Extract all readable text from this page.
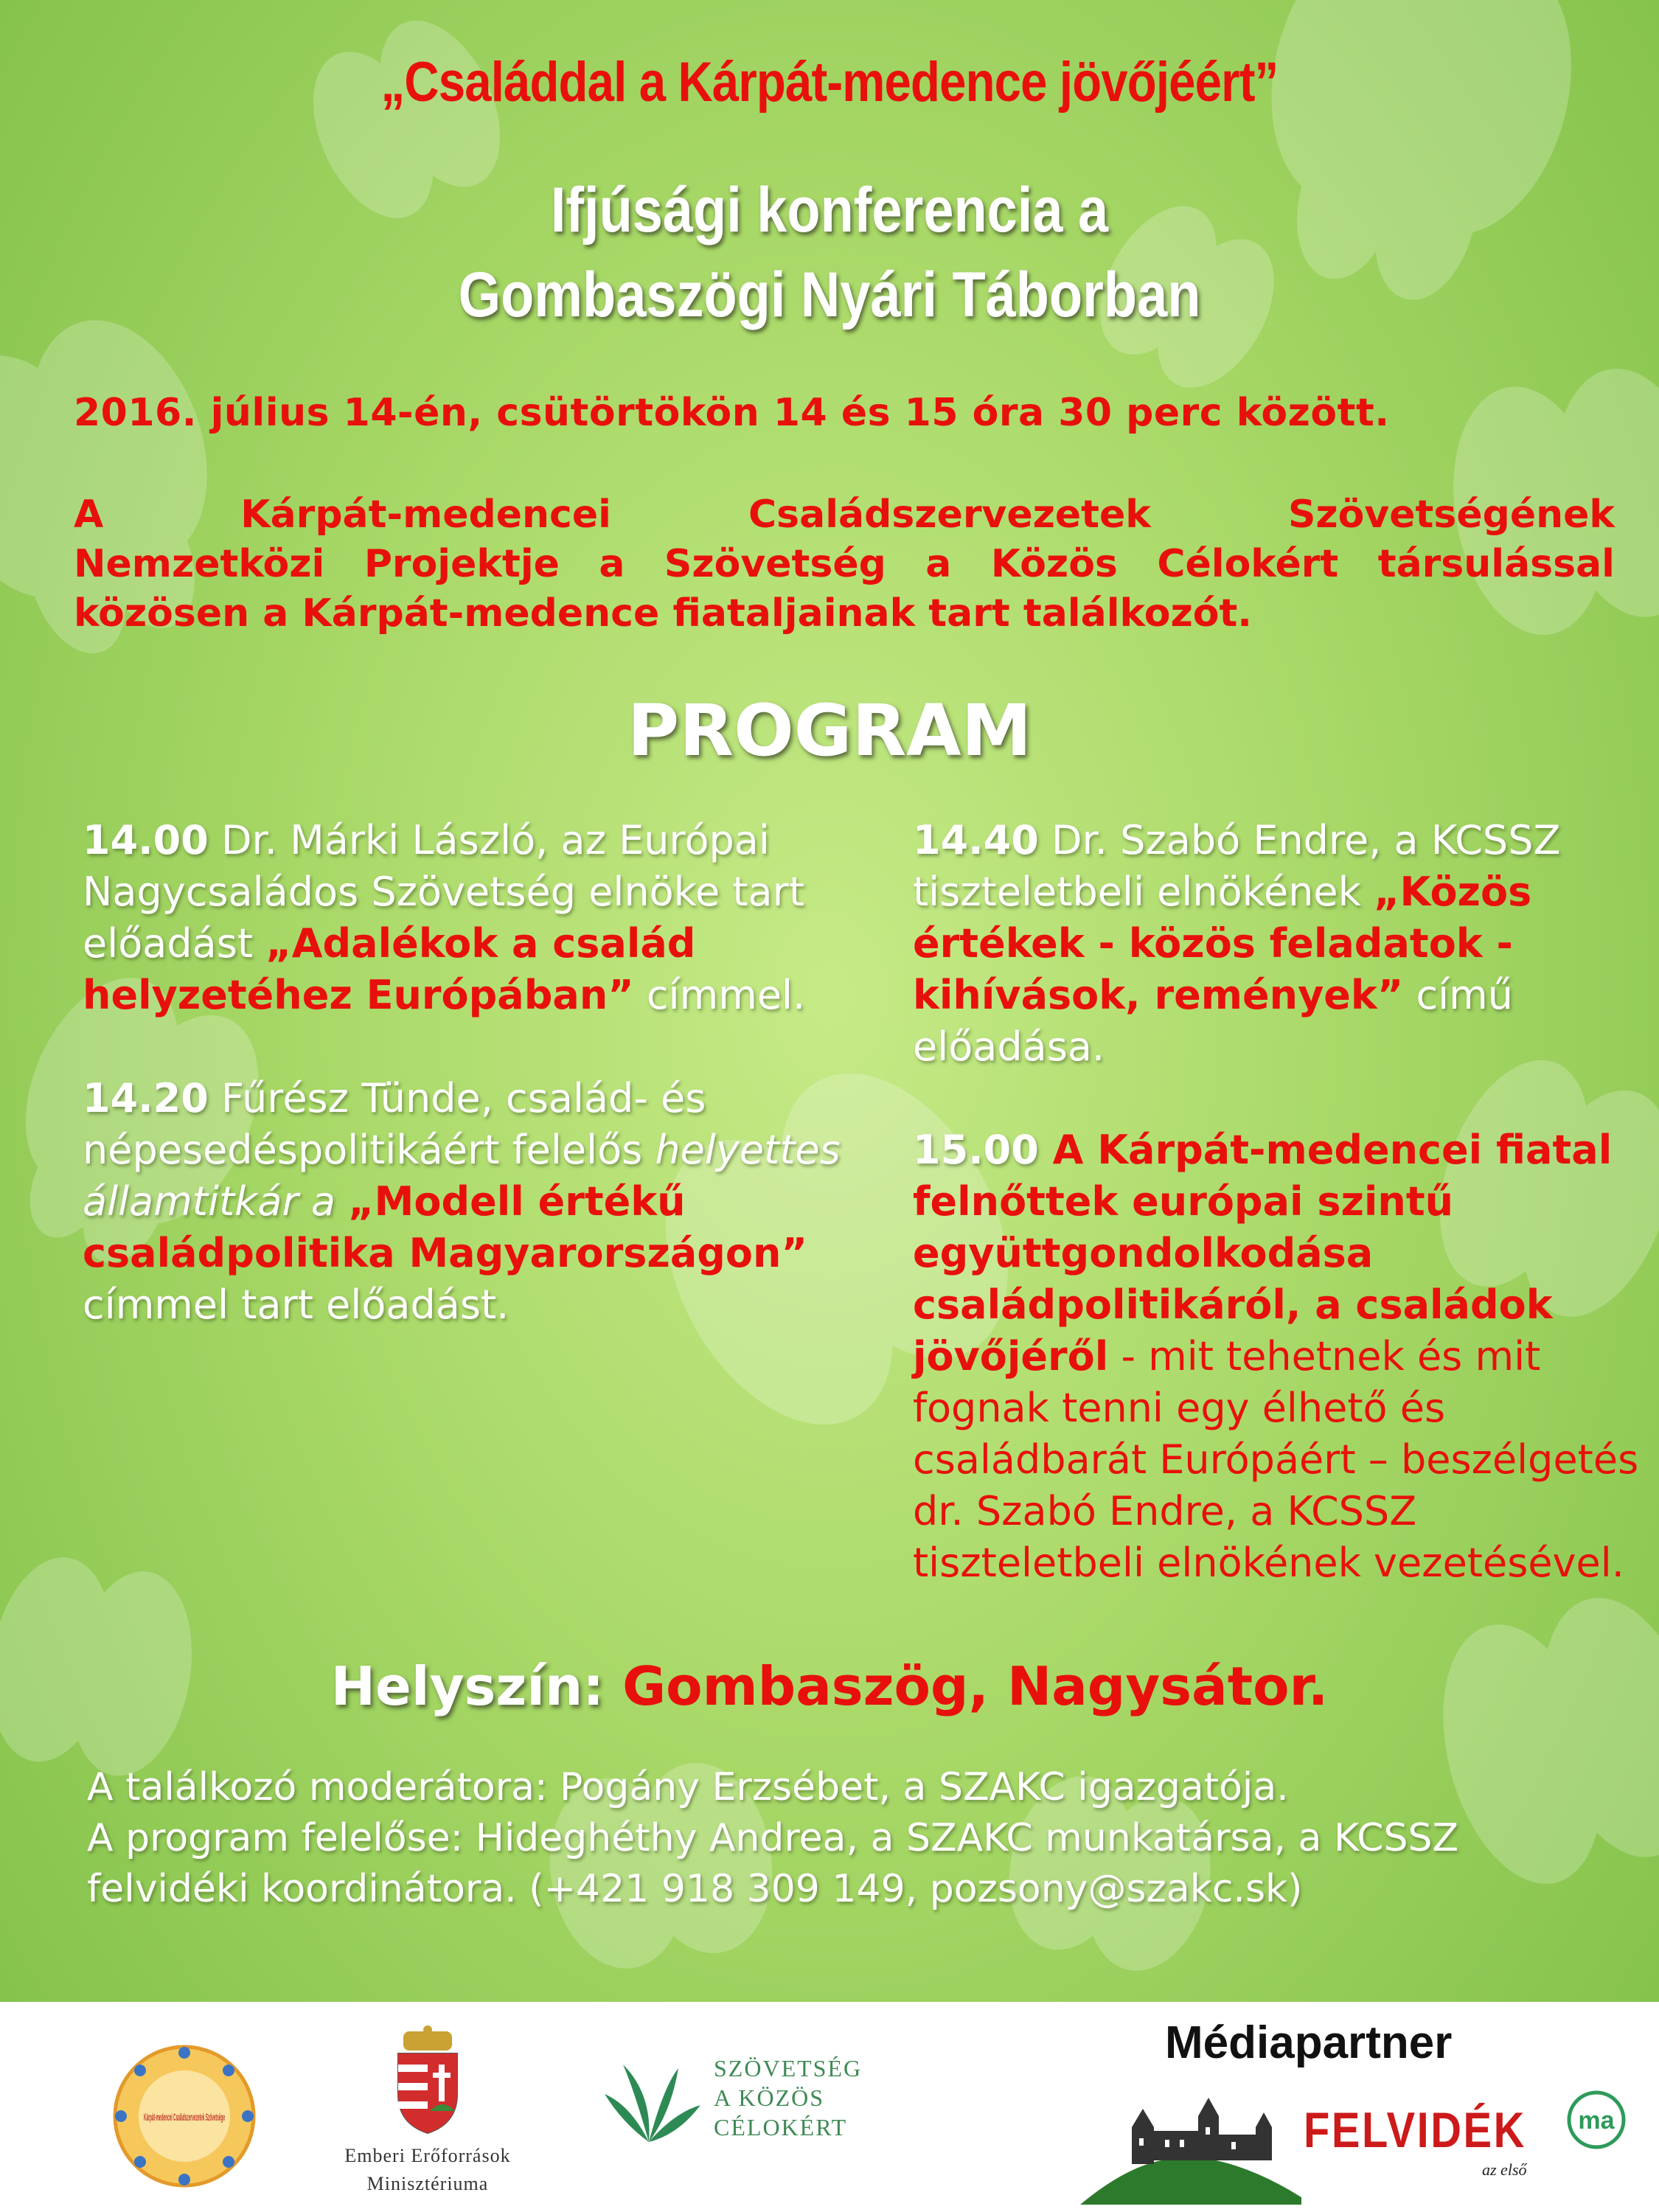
„Családdal a Kárpát-medence jövőjéért”
Ifjúsági konferencia a
Gombaszögi Nyári Táborban
2016. július 14-én, csütörtökön 14 és 15 óra 30 perc között.
A Kárpát-medencei Családszervezetek Szövetségének
Nemzetközi Projektje a Szövetség a Közös Célokért társulással közösen a Kárpát-medence fiataljainak tart találkozót.
PROGRAM
14.00 Dr. Márki László, az Európai Nagycsaládos Szövetség elnöke tart előadást „Adalékok a család helyzetéhez Európában” címmel.
14.20 Fűrész Tünde, család- és népesedéspolitikáért felelős helyettes államtitkár a „Modell értékű családpolitika Magyarországon” címmel tart előadást.
14.40 Dr. Szabó Endre, a KCSSZ tiszteletbeli elnökének „Közös értékek - közös feladatok - kihívások, remények” című előadása.
15.00 A Kárpát-medencei fiatal felnőttek európai szintű együttgondolkodása családpolitikáról, a családok jövőjéről - mit tehetnek és mit fognak tenni egy élhető és családbarát Európáért – beszélgetés dr. Szabó Endre, a KCSSZ tiszteletbeli elnökének vezetésével.
Helyszín: Gombaszög, Nagysátor.
A találkozó moderátora: Pogány Erzsébet, a SZAKC igazgatója.
A program felelőse: Hideghéthy Andrea, a SZAKC munkatársa, a KCSSZ felvidéki koordinátora. (+421 918 309 149, pozsony@szakc.sk)
Kárpát-medencei Családszervezetek Szövetsége
Emberi Erőforrások
Minisztériuma
SZÖVETSÉG
A KÖZÖS
CÉLOKÉRT
Médiapartner
FELVIDÉK ma
az első
